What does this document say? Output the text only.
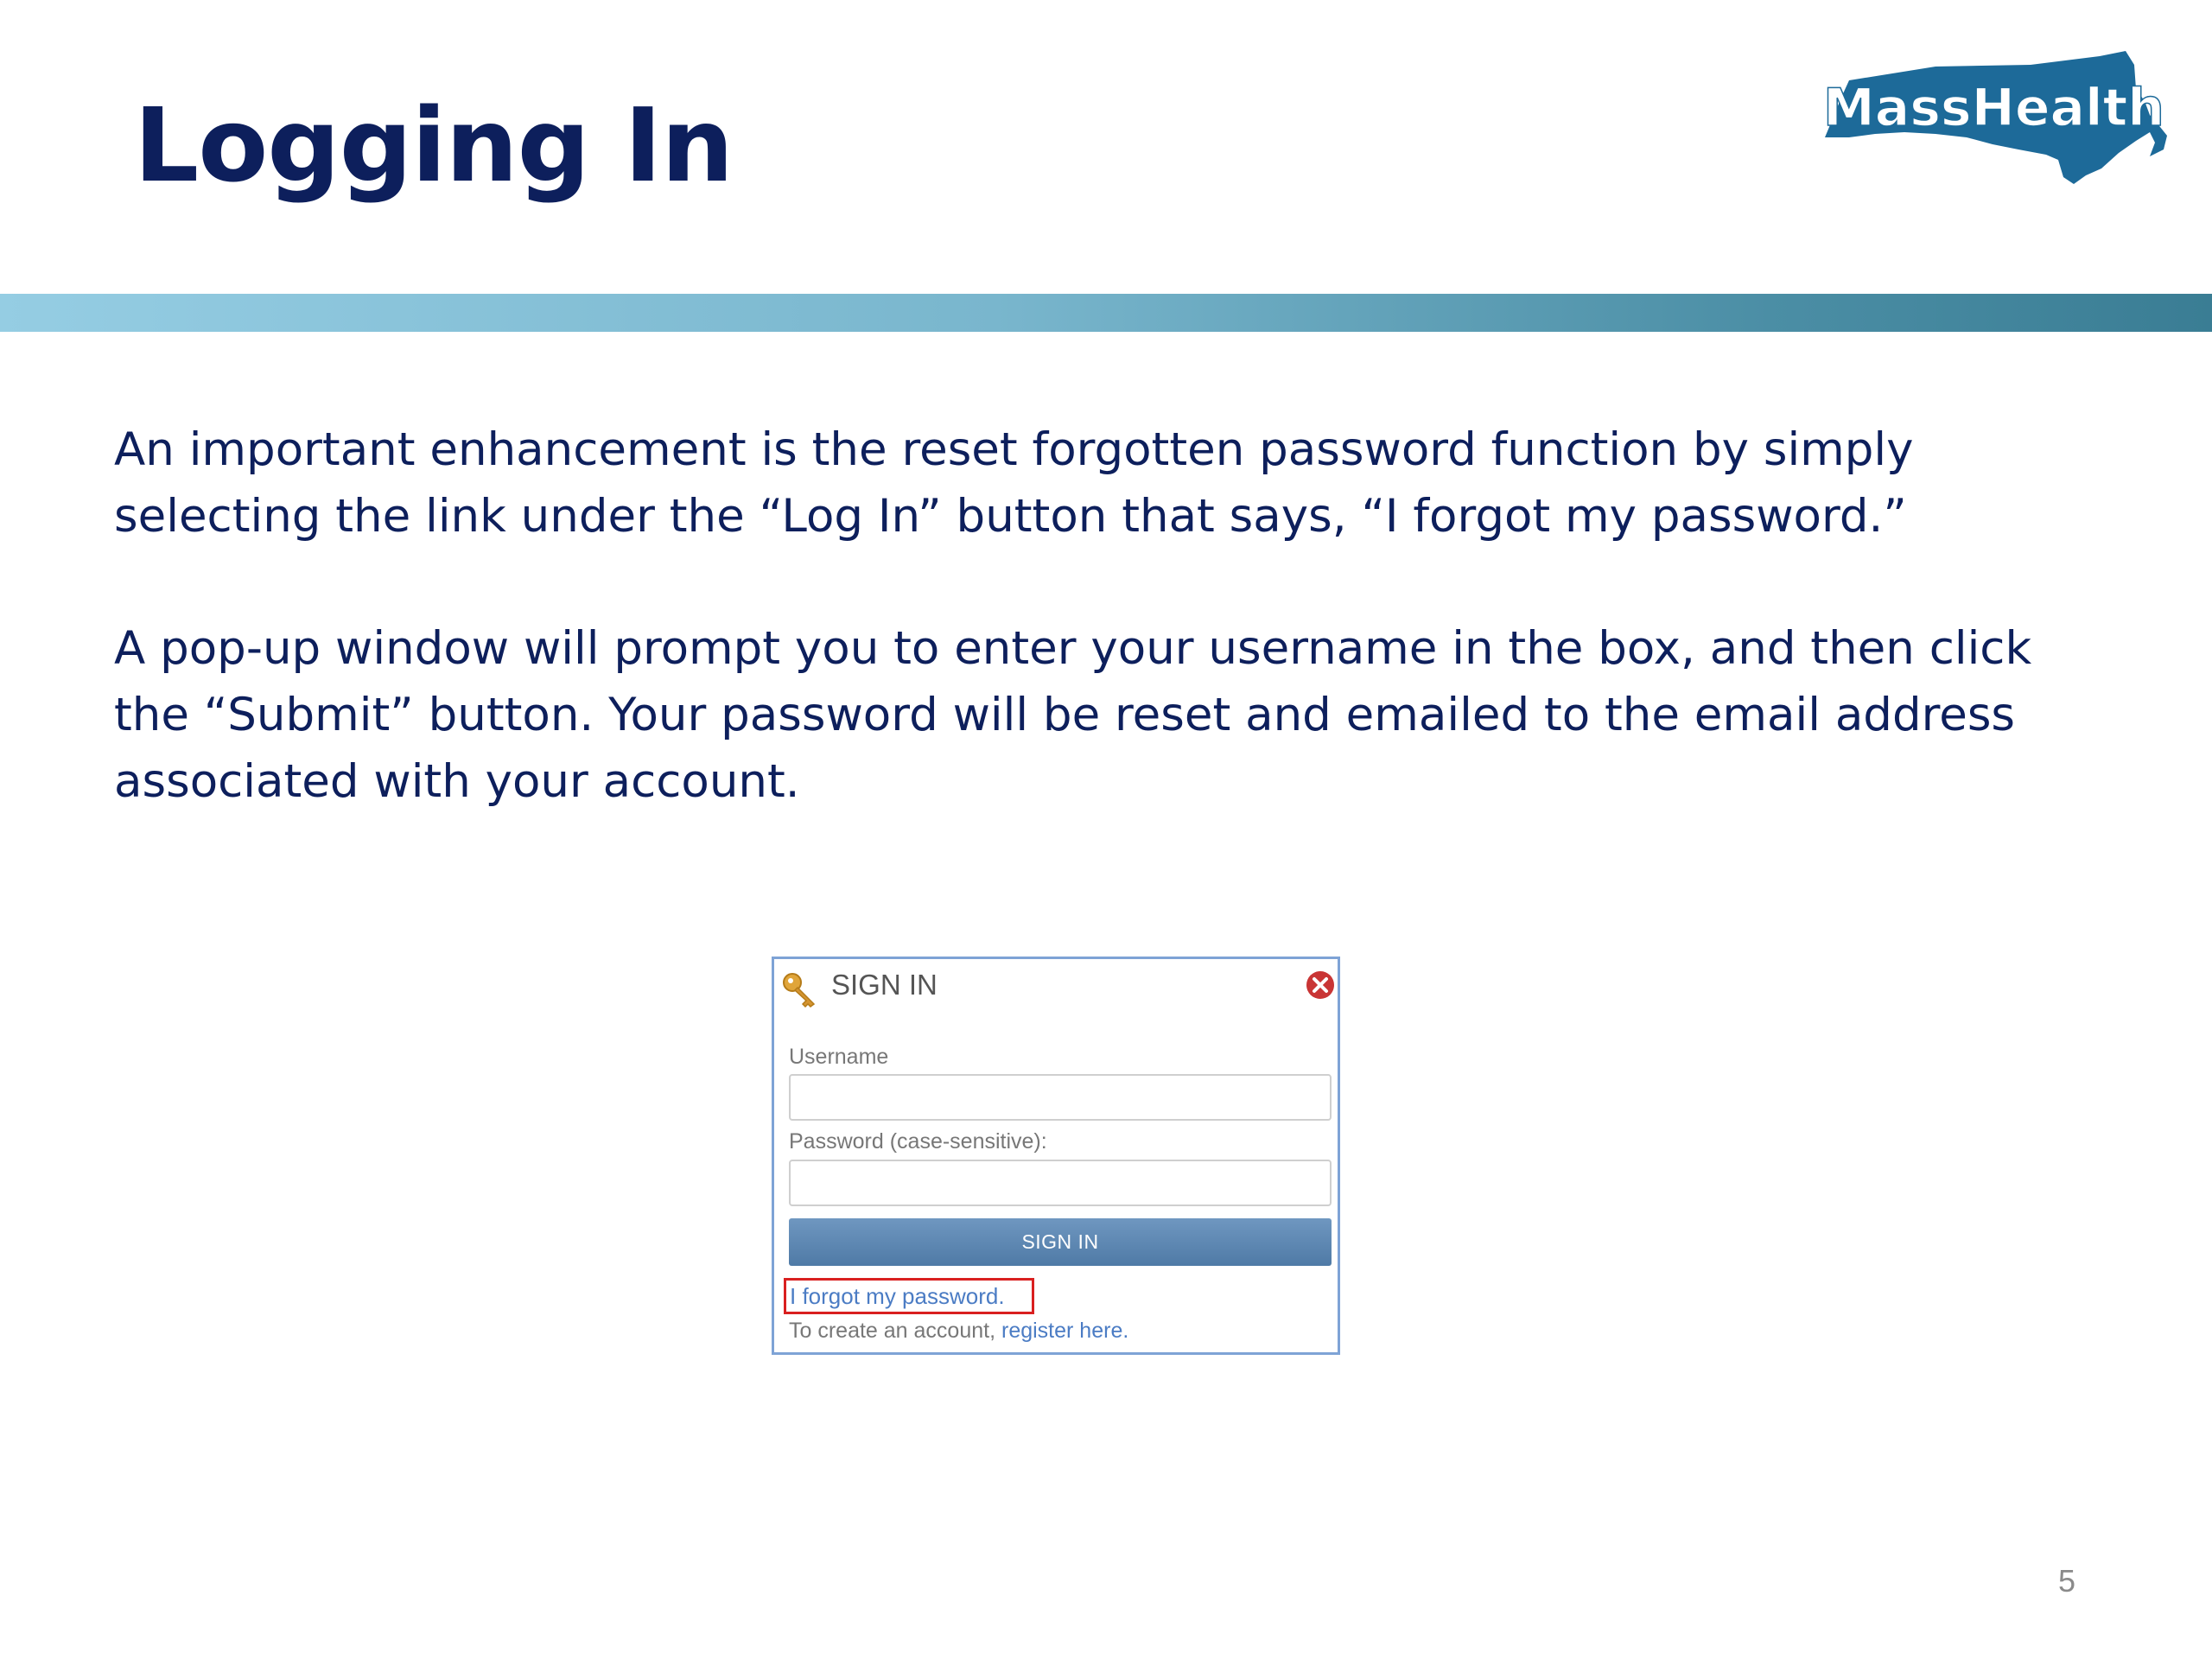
Logging In	MassHealth

An important enhancement is the reset forgotten password function by simply selecting the link under the “Log In” button that says, “I forgot my password.”

A pop-up window will prompt you to enter your username in the box, and then click the “Submit” button. Your password will be reset and emailed to the email address associated with your account.

SIGN IN
Username
Password (case-sensitive):
SIGN IN
I forgot my password.
To create an account, register here.
5
